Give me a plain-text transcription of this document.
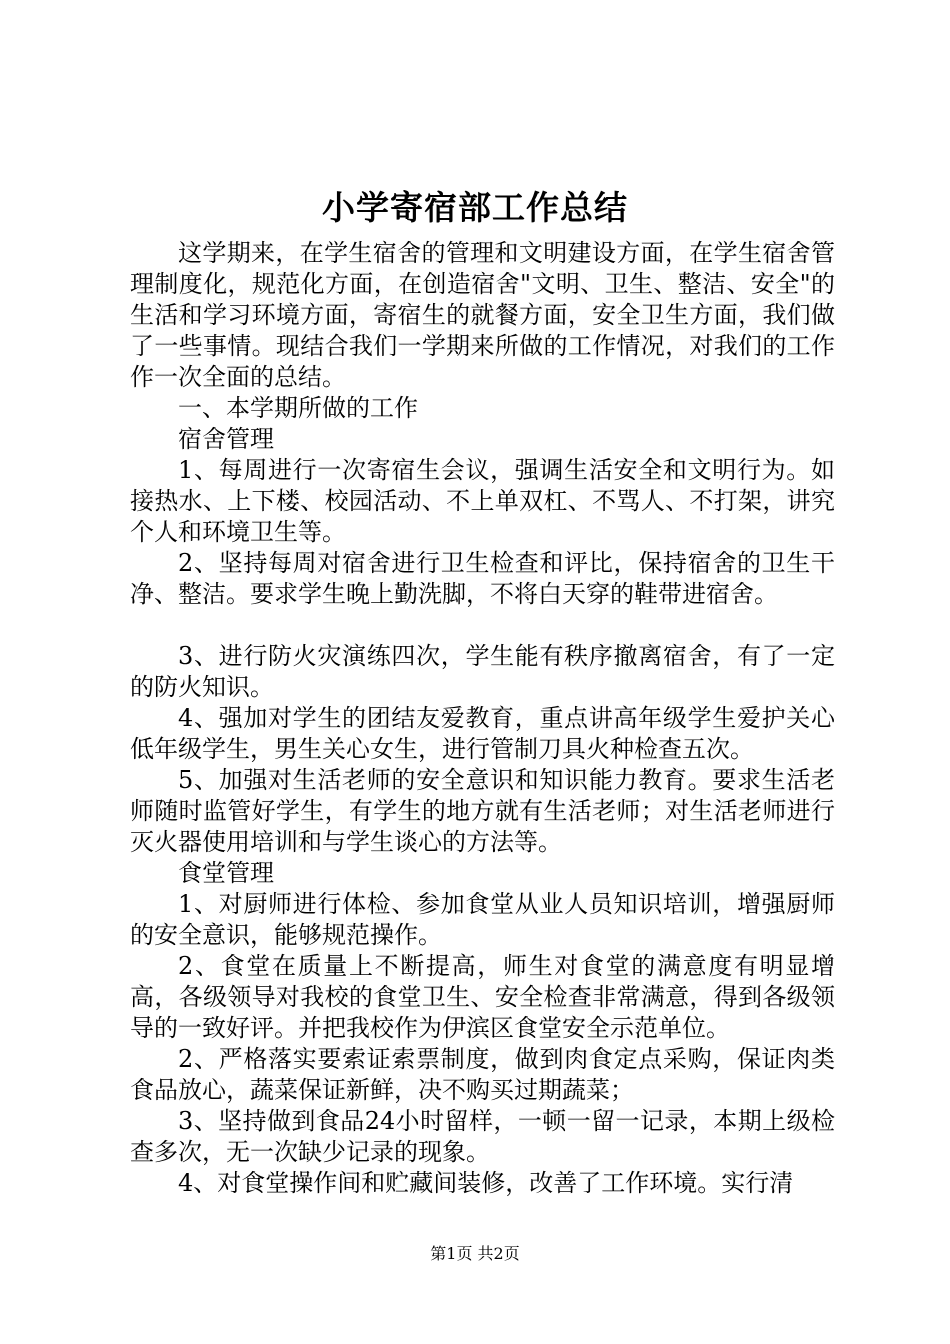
小学寄宿部工作总结

这学期来，在学生宿舍的管理和文明建设方面，在学生宿舍管理制度化，规范化方面，在创造宿舍"文明、卫生、整洁、安全"的生活和学习环境方面，寄宿生的就餐方面，安全卫生方面，我们做了一些事情。现结合我们一学期来所做的工作情况，对我们的工作作一次全面的总结。

一、本学期所做的工作

宿舍管理

1、每周进行一次寄宿生会议，强调生活安全和文明行为。如接热水、上下楼、校园活动、不上单双杠、不骂人、不打架，讲究个人和环境卫生等。

2、坚持每周对宿舍进行卫生检查和评比，保持宿舍的卫生干净、整洁。要求学生晚上勤洗脚，不将白天穿的鞋带进宿舍。

3、进行防火灾演练四次，学生能有秩序撤离宿舍，有了一定的防火知识。

4、强加对学生的团结友爱教育，重点讲高年级学生爱护关心低年级学生，男生关心女生，进行管制刀具火种检查五次。

5、加强对生活老师的安全意识和知识能力教育。要求生活老师随时监管好学生，有学生的地方就有生活老师；对生活老师进行灭火器使用培训和与学生谈心的方法等。

食堂管理

1、对厨师进行体检、参加食堂从业人员知识培训，增强厨师的安全意识，能够规范操作。

2、食堂在质量上不断提高，师生对食堂的满意度有明显增高，各级领导对我校的食堂卫生、安全检查非常满意，得到各级领导的一致好评。并把我校作为伊滨区食堂安全示范单位。

2、严格落实要索证索票制度，做到肉食定点采购，保证肉类食品放心，蔬菜保证新鲜，决不购买过期蔬菜；

3、坚持做到食品24小时留样，一顿一留一记录，本期上级检查多次，无一次缺少记录的现象。

4、对食堂操作间和贮藏间装修，改善了工作环境。实行清

第1页 共2页
